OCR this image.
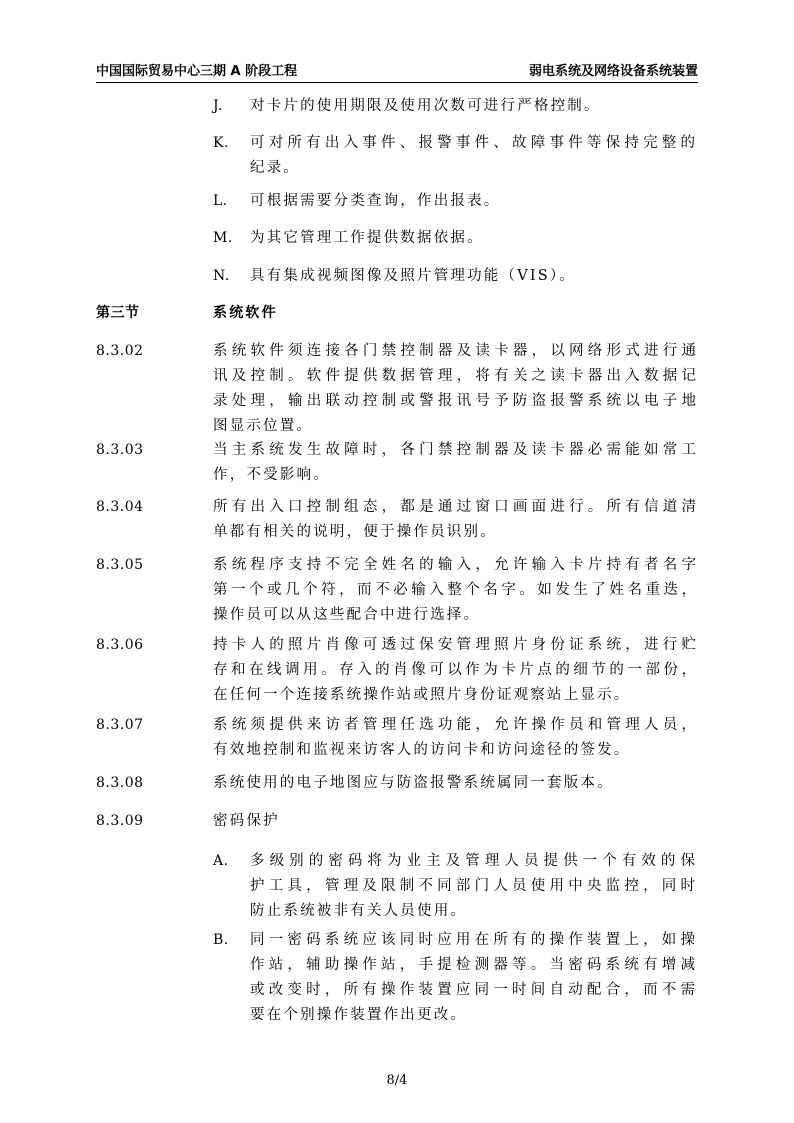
中国国际贸易中心三期 A 阶段工程	弱电系统及网络设备系统装置
J. 对卡片的使用期限及使用次数可进行严格控制。
K. 可对所有出入事件、报警事件、故障事件等保持完整的
纪录。
L. 可根据需要分类查询，作出报表。
M. 为其它管理工作提供数据依据。
N. 具有集成视频图像及照片管理功能（VIS）。
第三节	系统软件
8.3.02	系统软件须连接各门禁控制器及读卡器，以网络形式进行通
讯及控制。软件提供数据管理，将有关之读卡器出入数据记
录处理，输出联动控制或警报讯号予防盗报警系统以电子地
图显示位置。
8.3.03	当主系统发生故障时，各门禁控制器及读卡器必需能如常工
作，不受影响。
8.3.04	所有出入口控制组态，都是通过窗口画面进行。所有信道清
单都有相关的说明，便于操作员识别。
8.3.05	系统程序支持不完全姓名的输入，允许输入卡片持有者名字
第一个或几个符，而不必输入整个名字。如发生了姓名重迭，
操作员可以从这些配合中进行选择。
8.3.06	持卡人的照片肖像可透过保安管理照片身份证系统，进行贮
存和在线调用。存入的肖像可以作为卡片点的细节的一部份，
在任何一个连接系统操作站或照片身份证观察站上显示。
8.3.07	系统须提供来访者管理任选功能，允许操作员和管理人员，
有效地控制和监视来访客人的访问卡和访问途径的签发。
8.3.08	系统使用的电子地图应与防盗报警系统属同一套版本。
8.3.09	密码保护
A. 多级别的密码将为业主及管理人员提供一个有效的保
护工具，管理及限制不同部门人员使用中央监控，同时
防止系统被非有关人员使用。
B. 同一密码系统应该同时应用在所有的操作装置上，如操
作站，辅助操作站，手提检测器等。当密码系统有增减
或改变时，所有操作装置应同一时间自动配合，而不需
要在个别操作装置作出更改。
8/4
